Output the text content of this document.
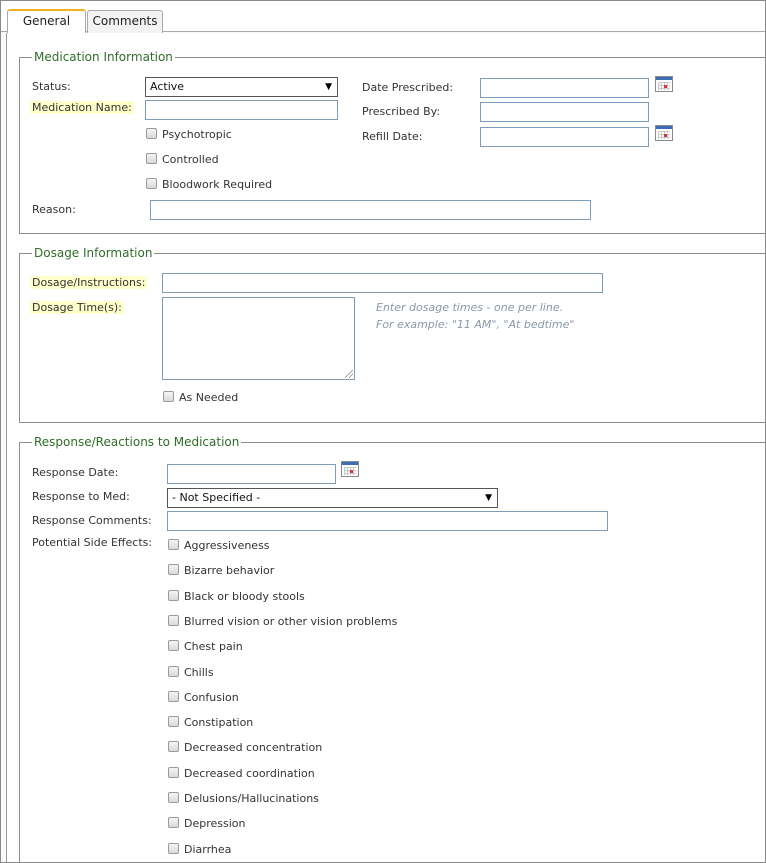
General	Comments
Medication Information
Status:	Active	▼
Medication Name:
Psychotropic
Controlled
Bloodwork Required
Reason:
Date Prescribed:
Prescribed By:
Refill Date:
Dosage Information
Dosage/Instructions:
Dosage Time(s):	Enter dosage times - one per line.
For example: "11 AM", "At bedtime"
As Needed
Response/Reactions to Medication
Response Date:
Response to Med:	- Not Specified -	▼
Response Comments:
Potential Side Effects:	Aggressiveness
Bizarre behavior
Black or bloody stools
Blurred vision or other vision problems
Chest pain
Chills
Confusion
Constipation
Decreased concentration
Decreased coordination
Delusions/Hallucinations
Depression
Diarrhea
